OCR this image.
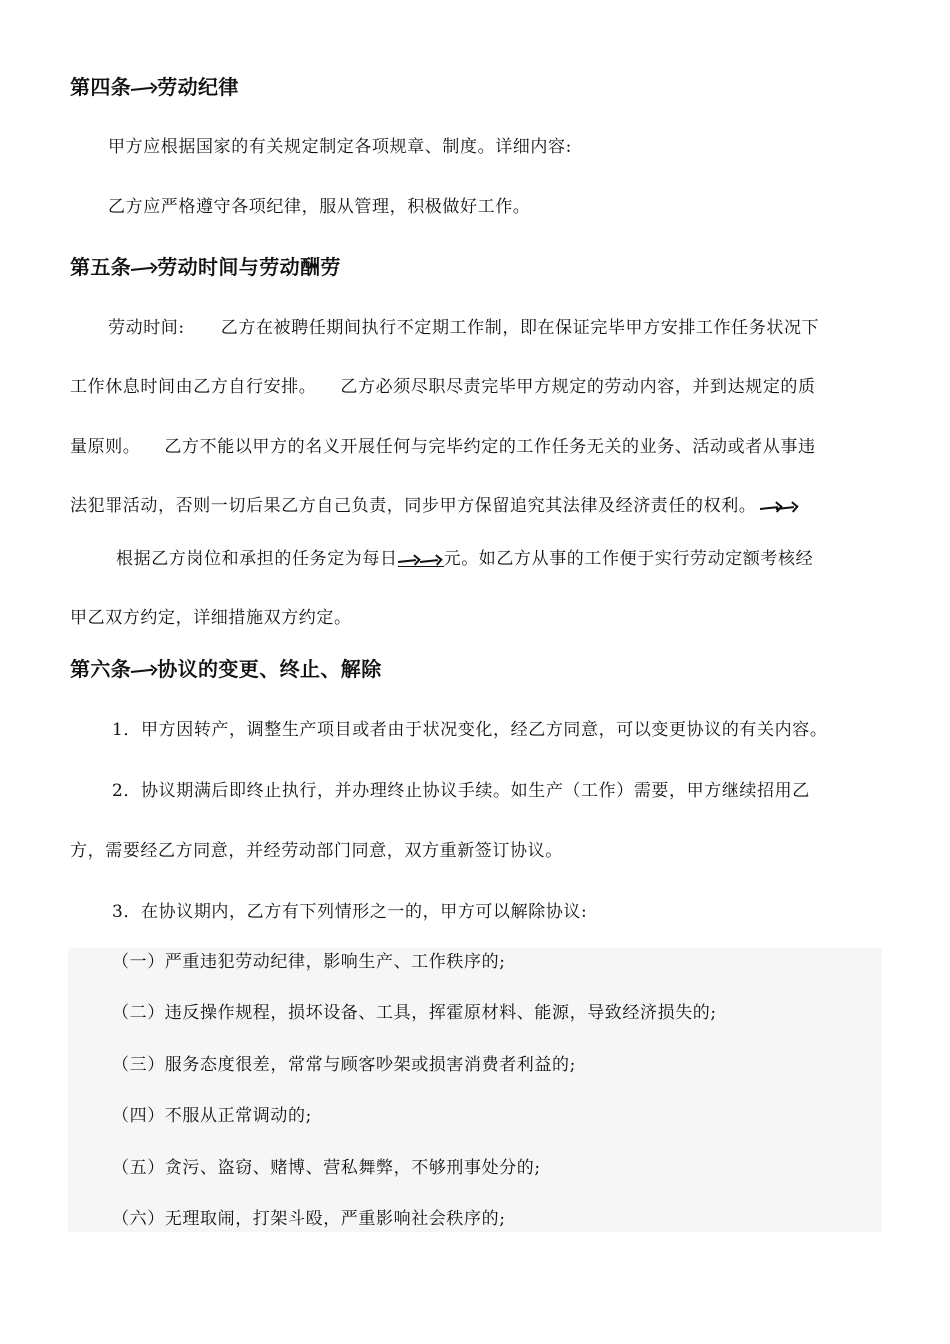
第四条 劳动纪律
甲方应根据国家的有关规定制定各项规章、制度。详细内容:
乙方应严格遵守各项纪律，服从管理，积极做好工作。
第五条 劳动时间与劳动酬劳
劳动时间:      乙方在被聘任期间执行不定期工作制，即在保证完毕甲方安排工作任务状况下
工作休息时间由乙方自行安排。    乙方必须尽职尽责完毕甲方规定的劳动内容，并到达规定的质
量原则。    乙方不能以甲方的名义开展任何与完毕约定的工作任务无关的业务、活动或者从事违
法犯罪活动，否则一切后果乙方自己负责，同步甲方保留追究其法律及经济责任的权利。
根据乙方岗位和承担的任务定为每日	元。如乙方从事的工作便于实行劳动定额考核经
甲乙双方约定，详细措施双方约定。
第六条 协议的变更、终止、解除
1．甲方因转产，调整生产项目或者由于状况变化，经乙方同意，可以变更协议的有关内容。
2．协议期满后即终止执行，并办理终止协议手续。如生产（工作）需要，甲方继续招用乙
方，需要经乙方同意，并经劳动部门同意，双方重新签订协议。
3．在协议期内，乙方有下列情形之一的，甲方可以解除协议:
（一）严重违犯劳动纪律，影响生产、工作秩序的;
（二）违反操作规程，损坏设备、工具，挥霍原材料、能源，导致经济损失的;
（三）服务态度很差，常常与顾客吵架或损害消费者利益的;
（四）不服从正常调动的;
（五）贪污、盗窃、赌博、营私舞弊，不够刑事处分的;
（六）无理取闹，打架斗殴，严重影响社会秩序的;
